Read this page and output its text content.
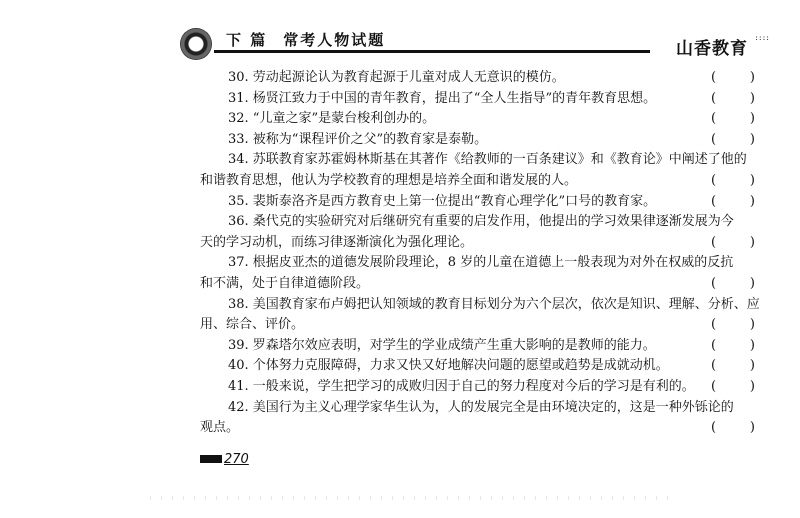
下 篇 常考人物试题	山香教育
::::
30. 劳动起源论认为教育起源于儿童对成人无意识的模仿。	(	)
31. 杨贤江致力于中国的青年教育，提出了“全人生指导”的青年教育思想。	(	)
32. “儿童之家”是蒙台梭利创办的。	(	)
33. 被称为“课程评价之父”的教育家是泰勒。	(	)
34. 苏联教育家苏霍姆林斯基在其著作《给教师的一百条建议》和《教育论》中阐述了他的
和谐教育思想，他认为学校教育的理想是培养全面和谐发展的人。	(	)
35. 裴斯泰洛齐是西方教育史上第一位提出“教育心理学化”口号的教育家。	(	)
36. 桑代克的实验研究对后继研究有重要的启发作用，他提出的学习效果律逐渐发展为今
天的学习动机，而练习律逐渐演化为强化理论。	(	)
37. 根据皮亚杰的道德发展阶段理论，8 岁的儿童在道德上一般表现为对外在权威的反抗
和不满，处于自律道德阶段。	(	)
38. 美国教育家布卢姆把认知领域的教育目标划分为六个层次，依次是知识、理解、分析、应
用、综合、评价。	(	)
39. 罗森塔尔效应表明，对学生的学业成绩产生重大影响的是教师的能力。	(	)
40. 个体努力克服障碍，力求又快又好地解决问题的愿望或趋势是成就动机。	(	)
41. 一般来说，学生把学习的成败归因于自己的努力程度对今后的学习是有利的。 (	)
42. 美国行为主义心理学家华生认为，人的发展完全是由环境决定的，这是一种外铄论的
观点。	(	)
270
